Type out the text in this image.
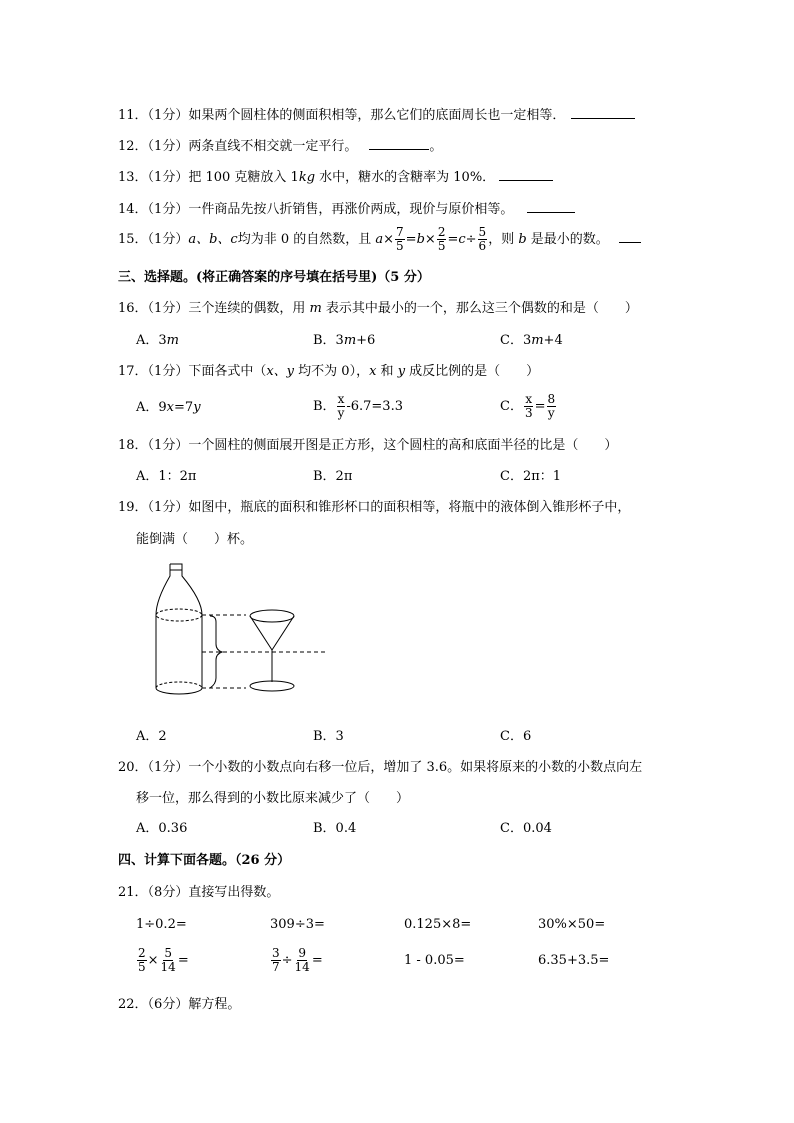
11．（1分）如果两个圆柱体的侧面积相等，那么它们的底面周长也一定相等．
12．（1分）两条直线不相交就一定平行。	。
13．（1分）把 100 克糖放入 1kg 水中，糖水的含糖率为 10%．
14．（1分）一件商品先按八折销售，再涨价两成，现价与原价相等。
15．（1分）a、b、c均为非 0 的自然数，且 $a\times \frac{7}{5} =b\times \frac{2}{5} =c\div \frac{5}{6}$ ，则 b 是最小的数。
三、选择题。(将正确答案的序号填在括号里)（5 分）
16．（1分）三个连续的偶数，用 m 表示其中最小的一个，那么这三个偶数的和是（　　）
A．3m	B．3m+6	C．3m+4
17．（1分）下面各式中（x、y 均不为 0），x 和 y 成反比例的是（　　）
A．9x=7y	B． $\frac{x}{y} -6.7=3.3$	C． $\frac{x}{3} = \frac{8}{y}$
18．（1分）一个圆柱的侧面展开图是正方形，这个圆柱的高和底面半径的比是（　　）
A．1：2π	B．2π	C．2π：1
19．（1分）如图中，瓶底的面积和锥形杯口的面积相等，将瓶中的液体倒入锥形杯子中，
能倒满（　　）杯。
A．2	B．3	C．6
20．（1分）一个小数的小数点向右移一位后，增加了 3.6。如果将原来的小数的小数点向左
移一位，那么得到的小数比原来减少了（　　）
A．0.36	B．0.4	C．0.04
四、计算下面各题。（26 分）
21．（8分）直接写出得数。
1÷0.2=	309÷3=	0.125×8=	30%×50=
$\frac{2}{5} \times \frac{5}{14}$ =	$\frac{3}{7} \div \frac{9}{14}$ =	1 - 0.05=	6.35+3.5=
22．（6分）解方程。
